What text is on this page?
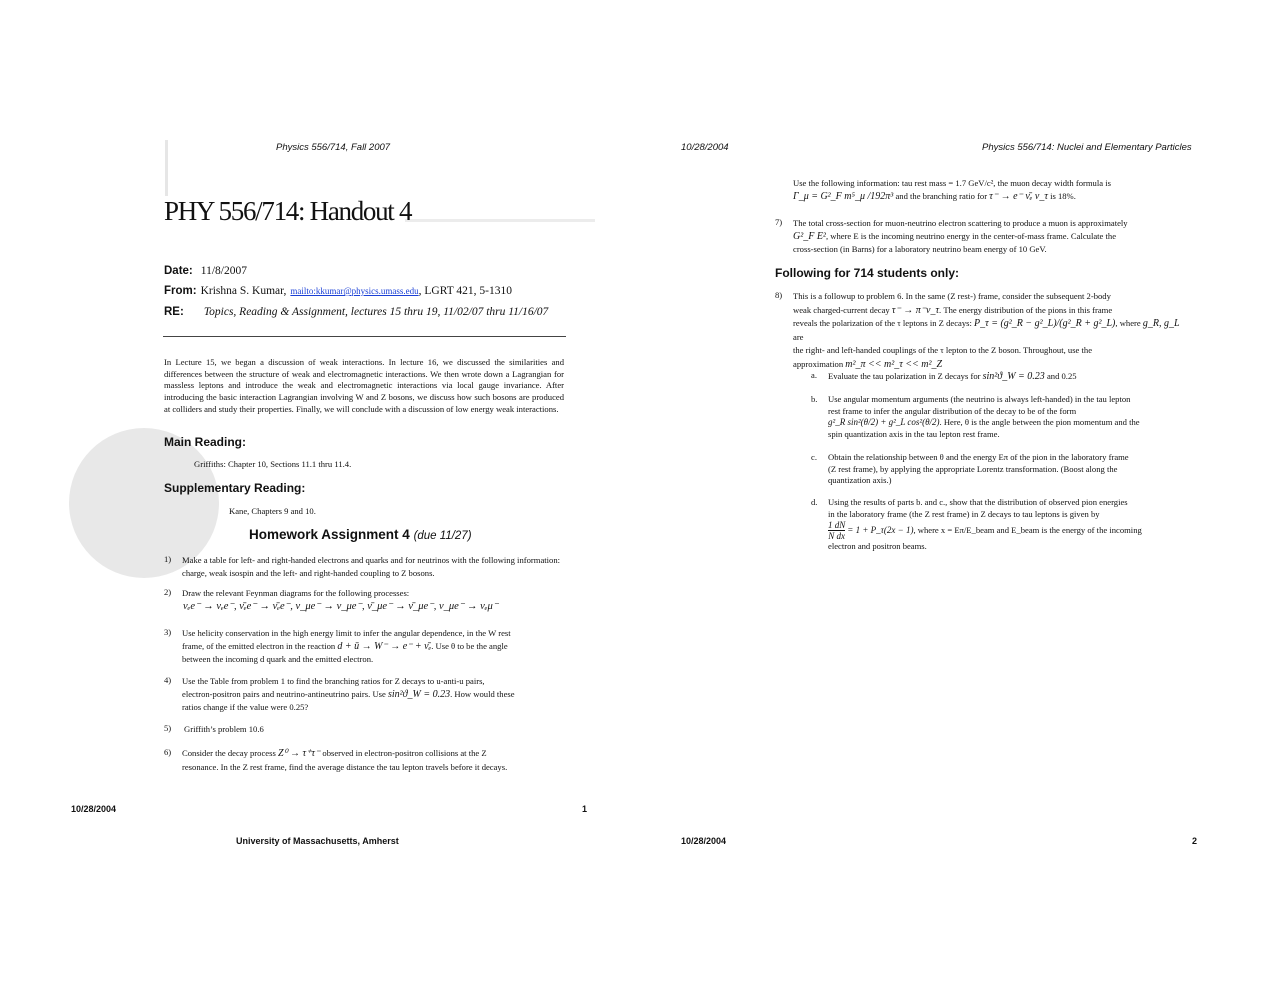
Physics 556/714, Fall 2007	10/28/2004
PHY 556/714: Handout 4
Date: 11/8/2007
From: Krishna S. Kumar, mailto:kkumar@physics.umass.edu, LGRT 421, 5-1310
RE: Topics, Reading & Assignment, lectures 15 thru 19, 11/02/07 thru 11/16/07
In Lecture 15, we began a discussion of weak interactions. In lecture 16, we discussed the similarities and differences between the structure of weak and electromagnetic interactions. We then wrote down a Lagrangian for massless leptons and introduce the weak and electromagnetic interactions via local gauge invariance. After introducing the basic interaction Lagrangian involving W and Z bosons, we discuss how such bosons are produced at colliders and study their properties. Finally, we will conclude with a discussion of low energy weak interactions.
Main Reading:
Griffiths: Chapter 10, Sections 11.1 thru 11.4.
Supplementary Reading:
Kane, Chapters 9 and 10.
Homework Assignment 4 (due 11/27)
1) Make a table for left- and right-handed electrons and quarks and for neutrinos with the following information: charge, weak isospin and the left- and right-handed coupling to Z bosons.
2) Draw the relevant Feynman diagrams for the following processes:
νₑe⁻ → νₑe⁻, ν̄ₑe⁻ → ν̄ₑe⁻, ν_μe⁻ → ν_μe⁻, ν̄_μe⁻ → ν̄_μe⁻, ν_μe⁻ → νₑμ⁻
3) Use helicity conservation in the high energy limit to infer the angular dependence, in the W rest
frame, of the emitted electron in the reaction d + ū → W⁻ → e⁻ + ν̄ₑ. Use θ to be the angle
between the incoming d quark and the emitted electron.
4) Use the Table from problem 1 to find the branching ratios for Z decays to u-anti-u pairs,
electron-positron pairs and neutrino-antineutrino pairs. Use sin²ϑ_W = 0.23. How would these
ratios change if the value were 0.25?
5) Griffith’s problem 10.6
6) Consider the decay process Z⁰ → τ⁺τ⁻ observed in electron-positron collisions at the Z
resonance. In the Z rest frame, find the average distance the tau lepton travels before it decays.
10/28/2004	1
University of Massachusetts, Amherst
Physics 556/714: Nuclei and Elementary Particles
Use the following information: tau rest mass = 1.7 GeV/c², the muon decay width formula is
Γ_μ = G²_F m⁵_μ /192π³ and the branching ratio for τ⁻ → e⁻ ν̄ₑ ν_τ is 18%.
7) The total cross-section for muon-neutrino electron scattering to produce a muon is approximately
G²_F E², where E is the incoming neutrino energy in the center-of-mass frame. Calculate the
cross-section (in Barns) for a laboratory neutrino beam energy of 10 GeV.
Following for 714 students only:
8) This is a followup to problem 6. In the same (Z rest-) frame, consider the subsequent 2-body
weak charged-current decay τ⁻ → π⁻ν_τ. The energy distribution of the pions in this frame
reveals the polarization of the τ leptons in Z decays: P_τ = (g²_R − g²_L)/(g²_R + g²_L), where g_R, g_L are
the right- and left-handed couplings of the τ lepton to the Z boson. Throughout, use the
approximation m²_π << m²_τ << m²_Z
a. Evaluate the tau polarization in Z decays for sin²ϑ_W = 0.23 and 0.25
b. Use angular momentum arguments (the neutrino is always left-handed) in the tau lepton
rest frame to infer the angular distribution of the decay to be of the form
g²_R sin²(θ/2) + g²_L cos²(θ/2). Here, θ is the angle between the pion momentum and the
spin quantization axis in the tau lepton rest frame.
c. Obtain the relationship between θ and the energy Eπ of the pion in the laboratory frame
(Z rest frame), by applying the appropriate Lorentz transformation. (Boost along the
quantization axis.)
d. Using the results of parts b. and c., show that the distribution of observed pion energies
in the laboratory frame (the Z rest frame) in Z decays to tau leptons is given by
$\frac{1 dN}{\text{N dx}} = 1$ + P_τ(2x − 1) , where x = Eπ/E_beam and E_beam is the energy of the incoming
electron and positron beams.
10/28/2004	2
